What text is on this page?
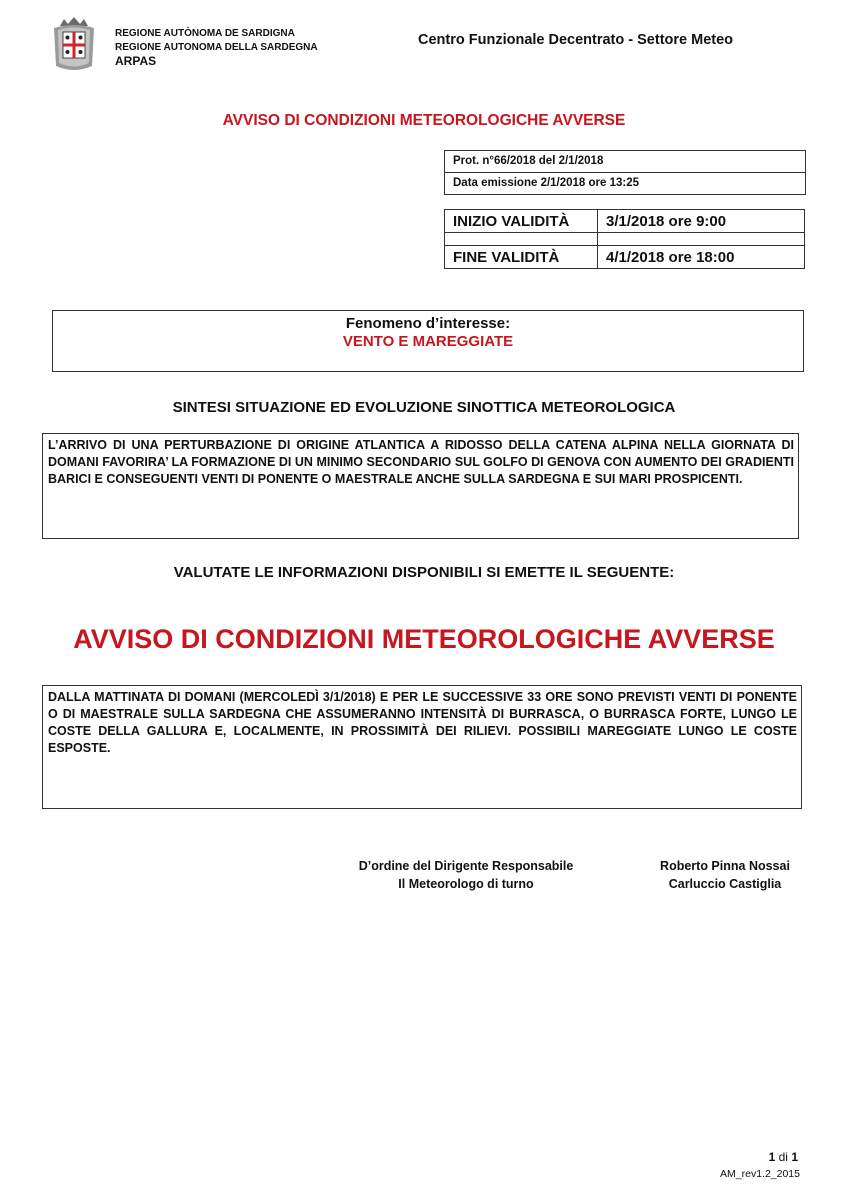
REGIONE AUTÒNOMA DE SARDIGNA
REGIONE AUTONOMA DELLA SARDEGNA
ARPAS
Centro Funzionale Decentrato - Settore Meteo
AVVISO DI CONDIZIONI METEOROLOGICHE AVVERSE
Prot. n°66/2018 del 2/1/2018
Data emissione 2/1/2018 ore 13:25
INIZIO VALIDITÀ	3/1/2018 ore 9:00

FINE VALIDITÀ	4/1/2018 ore 18:00
Fenomeno d’interesse:
VENTO E MAREGGIATE
SINTESI SITUAZIONE ED EVOLUZIONE SINOTTICA METEOROLOGICA
L’ARRIVO DI UNA PERTURBAZIONE DI ORIGINE ATLANTICA A RIDOSSO DELLA CATENA ALPINA NELLA GIORNATA DI DOMANI FAVORIRA’ LA FORMAZIONE DI UN MINIMO SECONDARIO SUL GOLFO DI GENOVA CON AUMENTO DEI GRADIENTI BARICI E CONSEGUENTI VENTI DI PONENTE O MAESTRALE ANCHE SULLA SARDEGNA E SUI MARI PROSPICENTI.
VALUTATE LE INFORMAZIONI DISPONIBILI SI EMETTE IL SEGUENTE:
AVVISO DI CONDIZIONI METEOROLOGICHE AVVERSE
DALLA MATTINATA DI DOMANI (MERCOLEDÌ 3/1/2018) E PER LE SUCCESSIVE 33 ORE SONO PREVISTI VENTI DI PONENTE O DI MAESTRALE SULLA SARDEGNA CHE ASSUMERANNO INTENSITÀ DI BURRASCA, O BURRASCA FORTE, LUNGO LE COSTE DELLA GALLURA E, LOCALMENTE, IN PROSSIMITÀ DEI RILIEVI. POSSIBILI MAREGGIATE LUNGO LE COSTE ESPOSTE.
D’ordine del Dirigente Responsabile
Il Meteorologo di turno
Roberto Pinna Nossai
Carluccio Castiglia
1 di 1
AM_rev1.2_2015
